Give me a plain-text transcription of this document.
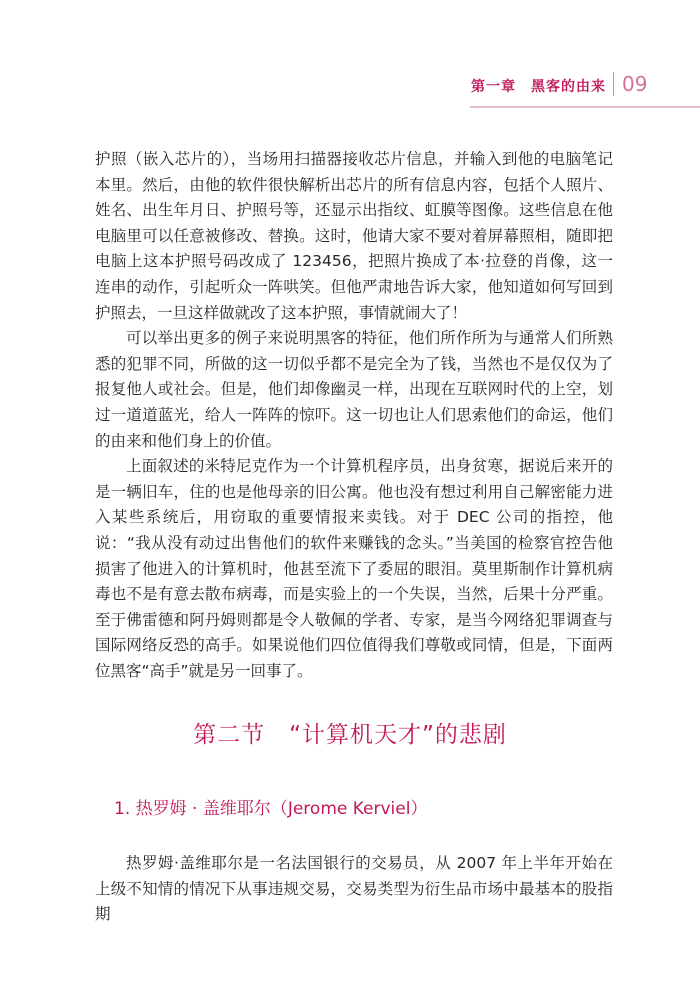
第一章　黑客的由来 09

护照（嵌入芯片的），当场用扫描器接收芯片信息，并输入到他的电脑笔记本里。然后，由他的软件很快解析出芯片的所有信息内容，包括个人照片、姓名、出生年月日、护照号等，还显示出指纹、虹膜等图像。这些信息在他电脑里可以任意被修改、替换。这时，他请大家不要对着屏幕照相，随即把电脑上这本护照号码改成了 123456，把照片换成了本·拉登的肖像，这一连串的动作，引起听众一阵哄笑。但他严肃地告诉大家，他知道如何写回到护照去，一旦这样做就改了这本护照，事情就闹大了！

可以举出更多的例子来说明黑客的特征，他们所作所为与通常人们所熟悉的犯罪不同，所做的这一切似乎都不是完全为了钱，当然也不是仅仅为了报复他人或社会。但是，他们却像幽灵一样，出现在互联网时代的上空，划过一道道蓝光，给人一阵阵的惊吓。这一切也让人们思索他们的命运，他们的由来和他们身上的价值。

上面叙述的米特尼克作为一个计算机程序员，出身贫寒，据说后来开的是一辆旧车，住的也是他母亲的旧公寓。他也没有想过利用自己解密能力进入某些系统后，用窃取的重要情报来卖钱。对于 DEC 公司的指控，他说：“我从没有动过出售他们的软件来赚钱的念头。”当美国的检察官控告他损害了他进入的计算机时，他甚至流下了委屈的眼泪。莫里斯制作计算机病毒也不是有意去散布病毒，而是实验上的一个失误，当然，后果十分严重。至于佛雷德和阿丹姆则都是令人敬佩的学者、专家，是当今网络犯罪调查与国际网络反恐的高手。如果说他们四位值得我们尊敬或同情，但是，下面两位黑客“高手”就是另一回事了。

第二节　“计算机天才”的悲剧
1. 热罗姆 · 盖维耶尔（Jerome Kerviel）

热罗姆·盖维耶尔是一名法国银行的交易员，从 2007 年上半年开始在上级不知情的情况下从事违规交易，交易类型为衍生品市场中最基本的股指期
